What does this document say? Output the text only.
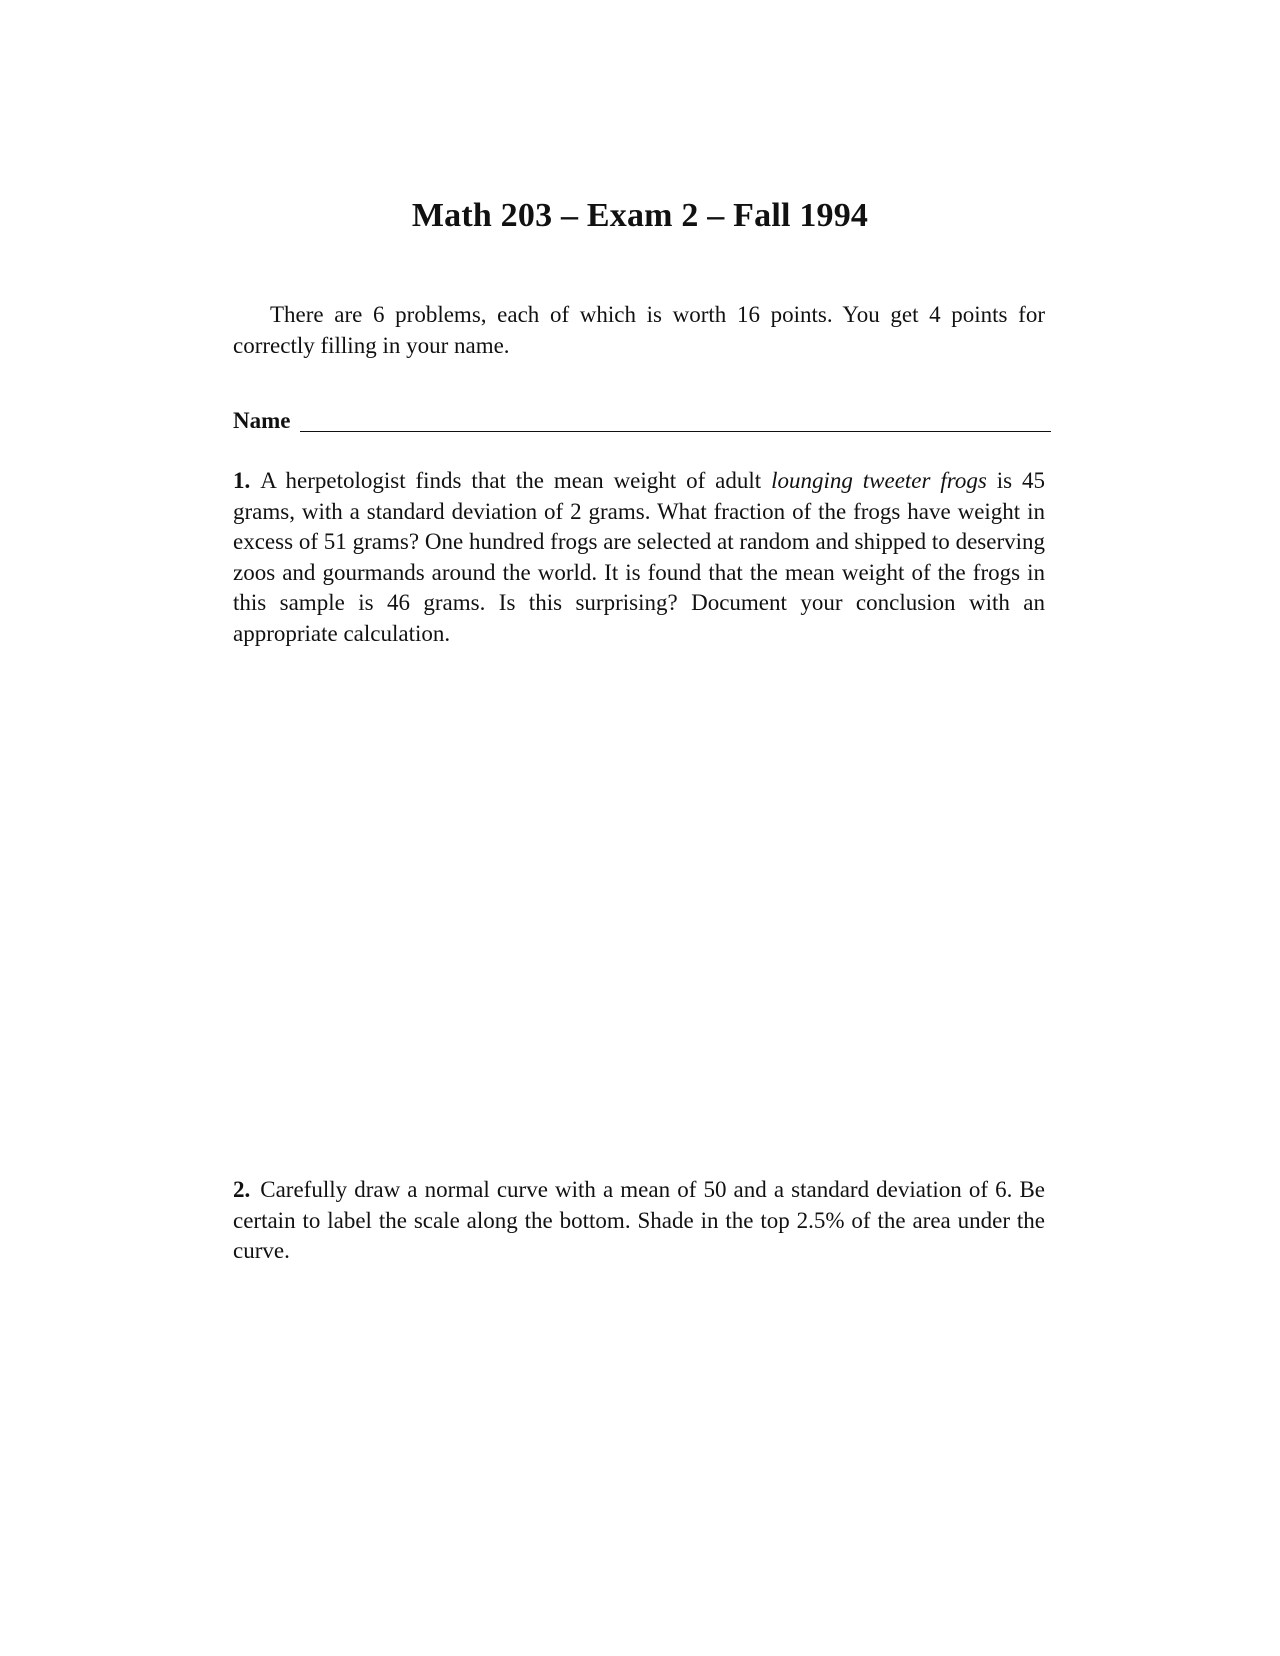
Math 203 – Exam 2 – Fall 1994

There are 6 problems, each of which is worth 16 points. You get 4 points for correctly filling in your name.

Name

1. A herpetologist finds that the mean weight of adult lounging tweeter frogs is 45 grams, with a standard deviation of 2 grams. What fraction of the frogs have weight in excess of 51 grams? One hundred frogs are selected at random and shipped to deserving zoos and gourmands around the world. It is found that the mean weight of the frogs in this sample is 46 grams. Is this surprising? Document your conclusion with an appropriate calculation.

2. Carefully draw a normal curve with a mean of 50 and a standard deviation of 6. Be certain to label the scale along the bottom. Shade in the top 2.5% of the area under the curve.
